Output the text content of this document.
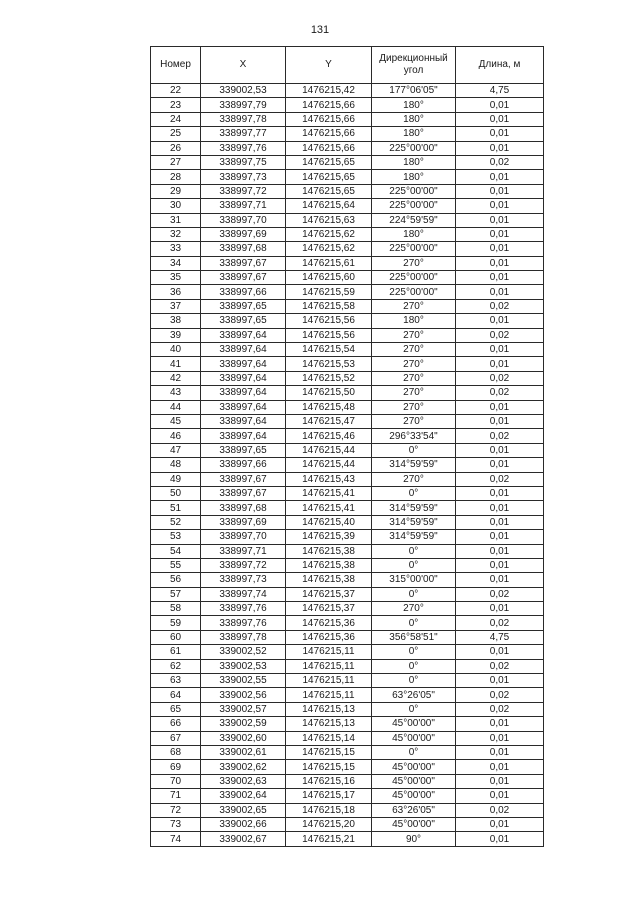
131
Номер	X	Y	Дирекционный угол	Длина, м
22	339002,53	1476215,42	177°06'05"	4,75
23	338997,79	1476215,66	180°	0,01
24	338997,78	1476215,66	180°	0,01
25	338997,77	1476215,66	180°	0,01
26	338997,76	1476215,66	225°00'00"	0,01
27	338997,75	1476215,65	180°	0,02
28	338997,73	1476215,65	180°	0,01
29	338997,72	1476215,65	225°00'00"	0,01
30	338997,71	1476215,64	225°00'00"	0,01
31	338997,70	1476215,63	224°59'59"	0,01
32	338997,69	1476215,62	180°	0,01
33	338997,68	1476215,62	225°00'00"	0,01
34	338997,67	1476215,61	270°	0,01
35	338997,67	1476215,60	225°00'00"	0,01
36	338997,66	1476215,59	225°00'00"	0,01
37	338997,65	1476215,58	270°	0,02
38	338997,65	1476215,56	180°	0,01
39	338997,64	1476215,56	270°	0,02
40	338997,64	1476215,54	270°	0,01
41	338997,64	1476215,53	270°	0,01
42	338997,64	1476215,52	270°	0,02
43	338997,64	1476215,50	270°	0,02
44	338997,64	1476215,48	270°	0,01
45	338997,64	1476215,47	270°	0,01
46	338997,64	1476215,46	296°33'54"	0,02
47	338997,65	1476215,44	0°	0,01
48	338997,66	1476215,44	314°59'59"	0,01
49	338997,67	1476215,43	270°	0,02
50	338997,67	1476215,41	0°	0,01
51	338997,68	1476215,41	314°59'59"	0,01
52	338997,69	1476215,40	314°59'59"	0,01
53	338997,70	1476215,39	314°59'59"	0,01
54	338997,71	1476215,38	0°	0,01
55	338997,72	1476215,38	0°	0,01
56	338997,73	1476215,38	315°00'00"	0,01
57	338997,74	1476215,37	0°	0,02
58	338997,76	1476215,37	270°	0,01
59	338997,76	1476215,36	0°	0,02
60	338997,78	1476215,36	356°58'51"	4,75
61	339002,52	1476215,11	0°	0,01
62	339002,53	1476215,11	0°	0,02
63	339002,55	1476215,11	0°	0,01
64	339002,56	1476215,11	63°26'05"	0,02
65	339002,57	1476215,13	0°	0,02
66	339002,59	1476215,13	45°00'00"	0,01
67	339002,60	1476215,14	45°00'00"	0,01
68	339002,61	1476215,15	0°	0,01
69	339002,62	1476215,15	45°00'00"	0,01
70	339002,63	1476215,16	45°00'00"	0,01
71	339002,64	1476215,17	45°00'00"	0,01
72	339002,65	1476215,18	63°26'05"	0,02
73	339002,66	1476215,20	45°00'00"	0,01
74	339002,67	1476215,21	90°	0,01
